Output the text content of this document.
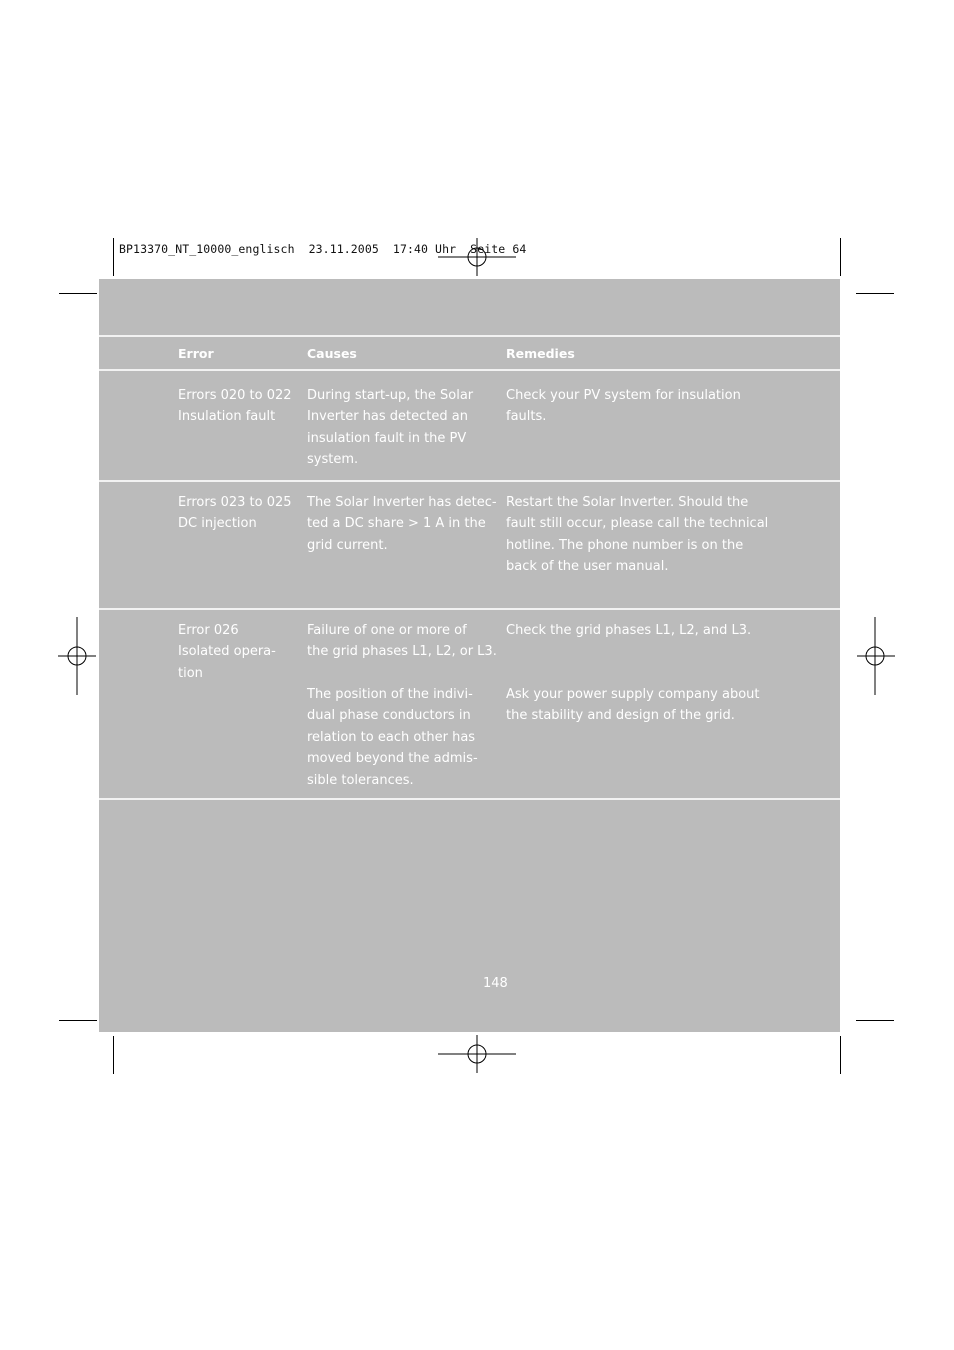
BP13370_NT_10000_englisch  23.11.2005  17:40 Uhr  Seite 64
Error	Causes	Remedies
Errors 020 to 022
Insulation fault
During start-up, the Solar
Inverter has detected an
insulation fault in the PV
system.
Check your PV system for insulation
faults.
Errors 023 to 025
DC injection
The Solar Inverter has detec-
ted a DC share > 1 A in the
grid current.
Restart the Solar Inverter. Should the
fault still occur, please call the technical
hotline. The phone number is on the
back of the user manual.
Error 026
Isolated opera-
tion
Failure of one or more of
the grid phases L1, L2, or L3.
Check the grid phases L1, L2, and L3.
The position of the indivi-
dual phase conductors in
relation to each other has
moved beyond the admis-
sible tolerances.
Ask your power supply company about
the stability and design of the grid.
148
